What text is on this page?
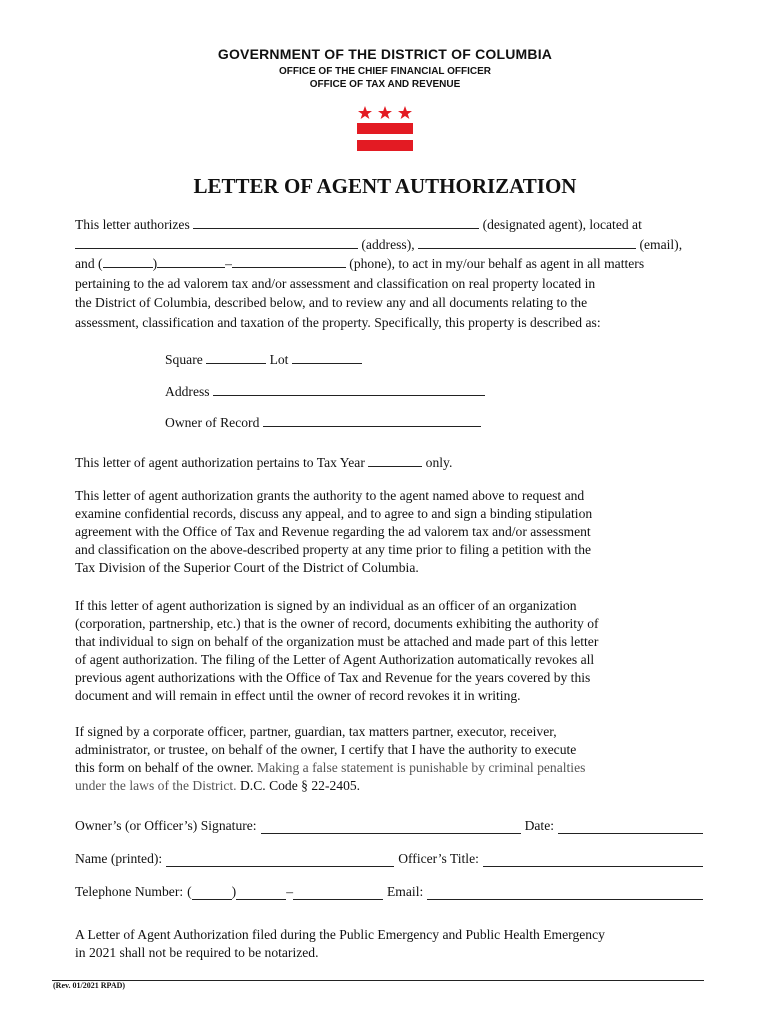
GOVERNMENT OF THE DISTRICT OF COLUMBIA
OFFICE OF THE CHIEF FINANCIAL OFFICER
OFFICE OF TAX AND REVENUE
LETTER OF AGENT AUTHORIZATION
This letter authorizes	(designated agent), located at
(address),	(email),
and (	)	–	(phone), to act in my/our behalf as agent in all matters
pertaining to the ad valorem tax and/or assessment and classification on real property located in
the District of Columbia, described below, and to review any and all documents relating to the
assessment, classification and taxation of the property. Specifically, this property is described as:
Square	Lot
Address
Owner of Record
This letter of agent authorization pertains to Tax Year	only.
This letter of agent authorization grants the authority to the agent named above to request and
examine confidential records, discuss any appeal, and to agree to and sign a binding stipulation
agreement with the Office of Tax and Revenue regarding the ad valorem tax and/or assessment
and classification on the above-described property at any time prior to filing a petition with the
Tax Division of the Superior Court of the District of Columbia.
If this letter of agent authorization is signed by an individual as an officer of an organization
(corporation, partnership, etc.) that is the owner of record, documents exhibiting the authority of
that individual to sign on behalf of the organization must be attached and made part of this letter
of agent authorization. The filing of the Letter of Agent Authorization automatically revokes all
previous agent authorizations with the Office of Tax and Revenue for the years covered by this
document and will remain in effect until the owner of record revokes it in writing.
If signed by a corporate officer, partner, guardian, tax matters partner, executor, receiver,
administrator, or trustee, on behalf of the owner, I certify that I have the authority to execute
this form on behalf of the owner. Making a false statement is punishable by criminal penalties
under the laws of the District. D.C. Code § 22-2405.
Owner’s (or Officer’s) Signature:	Date:
Name (printed):	Officer’s Title:
Telephone Number: (	)	–	Email:
A Letter of Agent Authorization filed during the Public Emergency and Public Health Emergency
in 2021 shall not be required to be notarized.
(Rev. 01/2021 RPAD)
